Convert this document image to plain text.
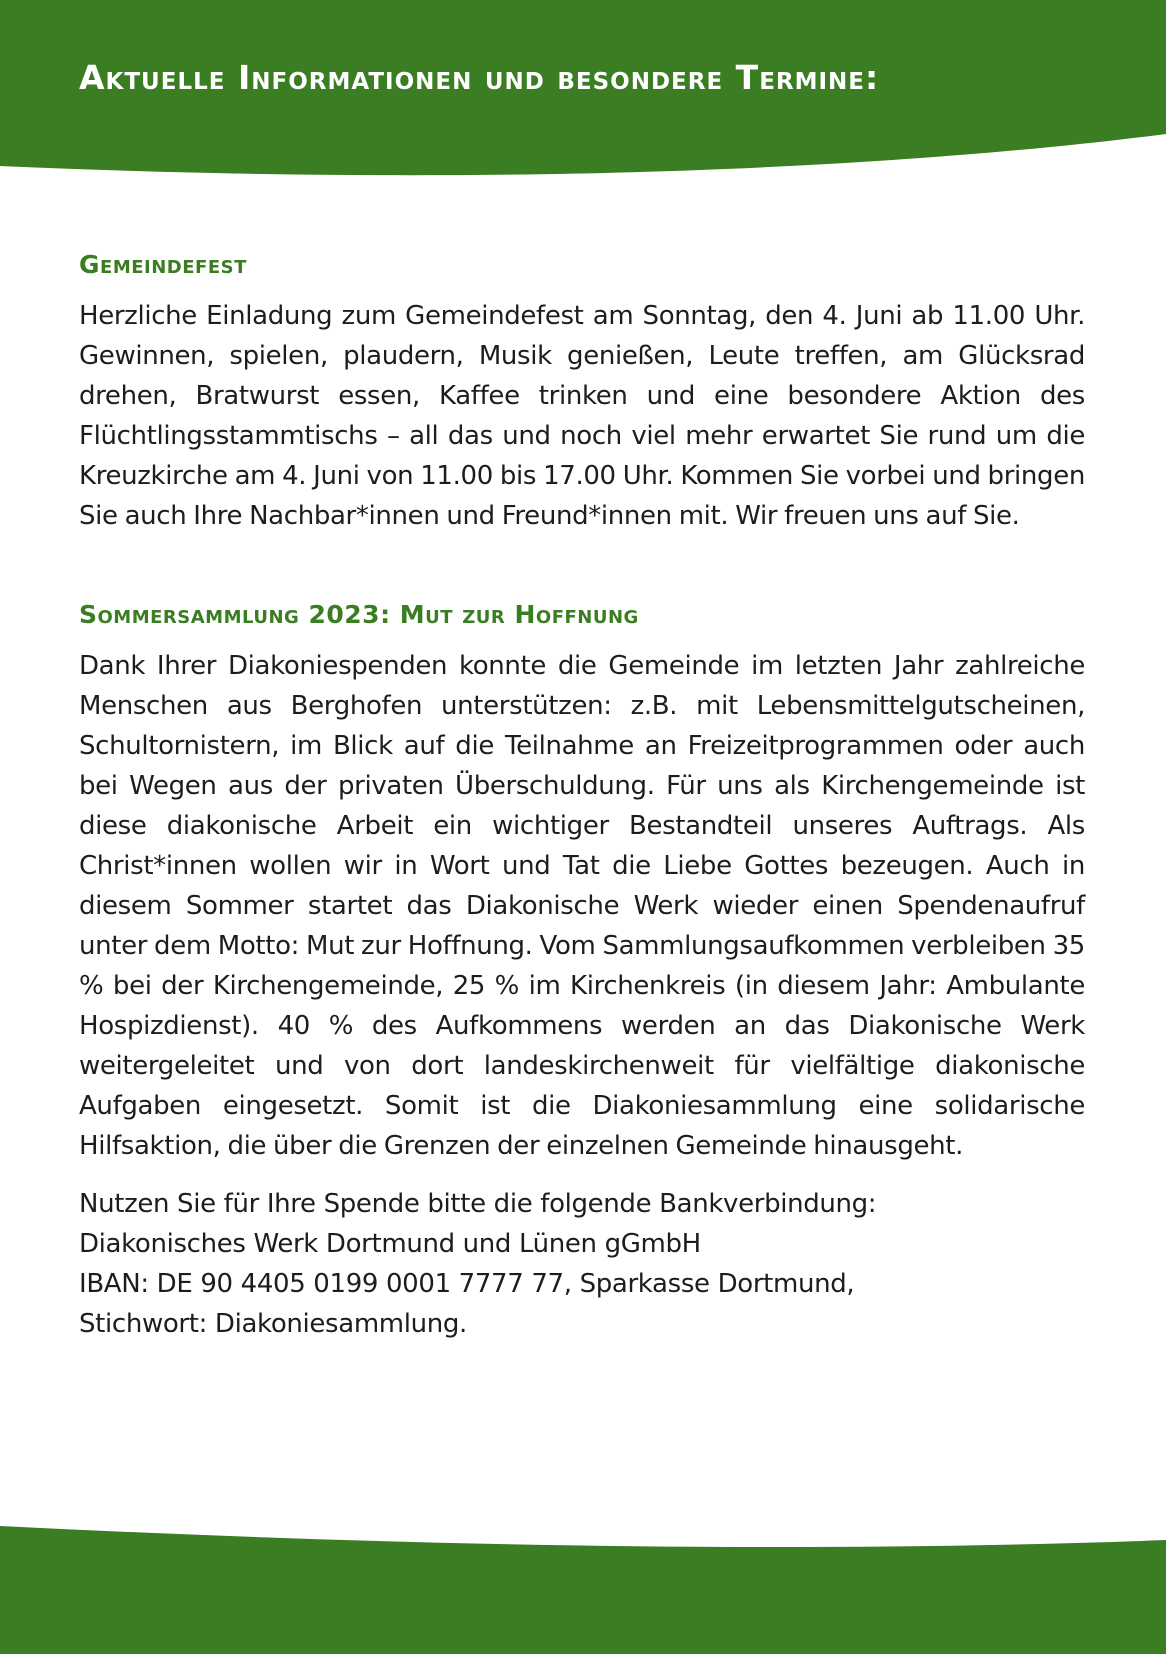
Aktuelle Informationen und besondere Termine:
Gemeindefest

Herzliche Einladung zum Gemeindefest am Sonntag, den 4. Juni ab 11.00 Uhr. Gewinnen, spielen, plaudern, Musik genießen, Leute treffen, am Glücksrad drehen, Bratwurst essen, Kaffee trinken und eine besondere Aktion des Flüchtlingsstammtischs – all das und noch viel mehr erwartet Sie rund um die Kreuzkirche am 4. Juni von 11.00 bis 17.00 Uhr. Kommen Sie vorbei und bringen Sie auch Ihre Nachbar*innen und Freund*innen mit. Wir freuen uns auf Sie.

Sommersammlung 2023: Mut zur Hoffnung

Dank Ihrer Diakoniespenden konnte die Gemeinde im letzten Jahr zahlreiche Menschen aus Berghofen unterstützen: z.B. mit Lebensmittelgutscheinen, Schultornistern, im Blick auf die Teilnahme an Freizeitprogrammen oder auch bei Wegen aus der privaten Überschuldung. Für uns als Kirchengemeinde ist diese diakonische Arbeit ein wichtiger Bestandteil unseres Auftrags. Als Christ*innen wollen wir in Wort und Tat die Liebe Gottes bezeugen. Auch in diesem Sommer startet das Diakonische Werk wieder einen Spendenaufruf unter dem Motto: Mut zur Hoffnung. Vom Sammlungsaufkommen verbleiben 35 % bei der Kirchengemeinde, 25 % im Kirchenkreis (in diesem Jahr: Ambulante Hospizdienst). 40 % des Aufkommens werden an das Diakonische Werk weitergeleitet und von dort landeskirchenweit für vielfältige diakonische Aufgaben eingesetzt. Somit ist die Diakoniesammlung eine solidarische Hilfsaktion, die über die Grenzen der einzelnen Gemeinde hinausgeht.

Nutzen Sie für Ihre Spende bitte die folgende Bankverbindung:
Diakonisches Werk Dortmund und Lünen gGmbH
IBAN: DE 90 4405 0199 0001 7777 77, Sparkasse Dortmund,
Stichwort: Diakoniesammlung.
